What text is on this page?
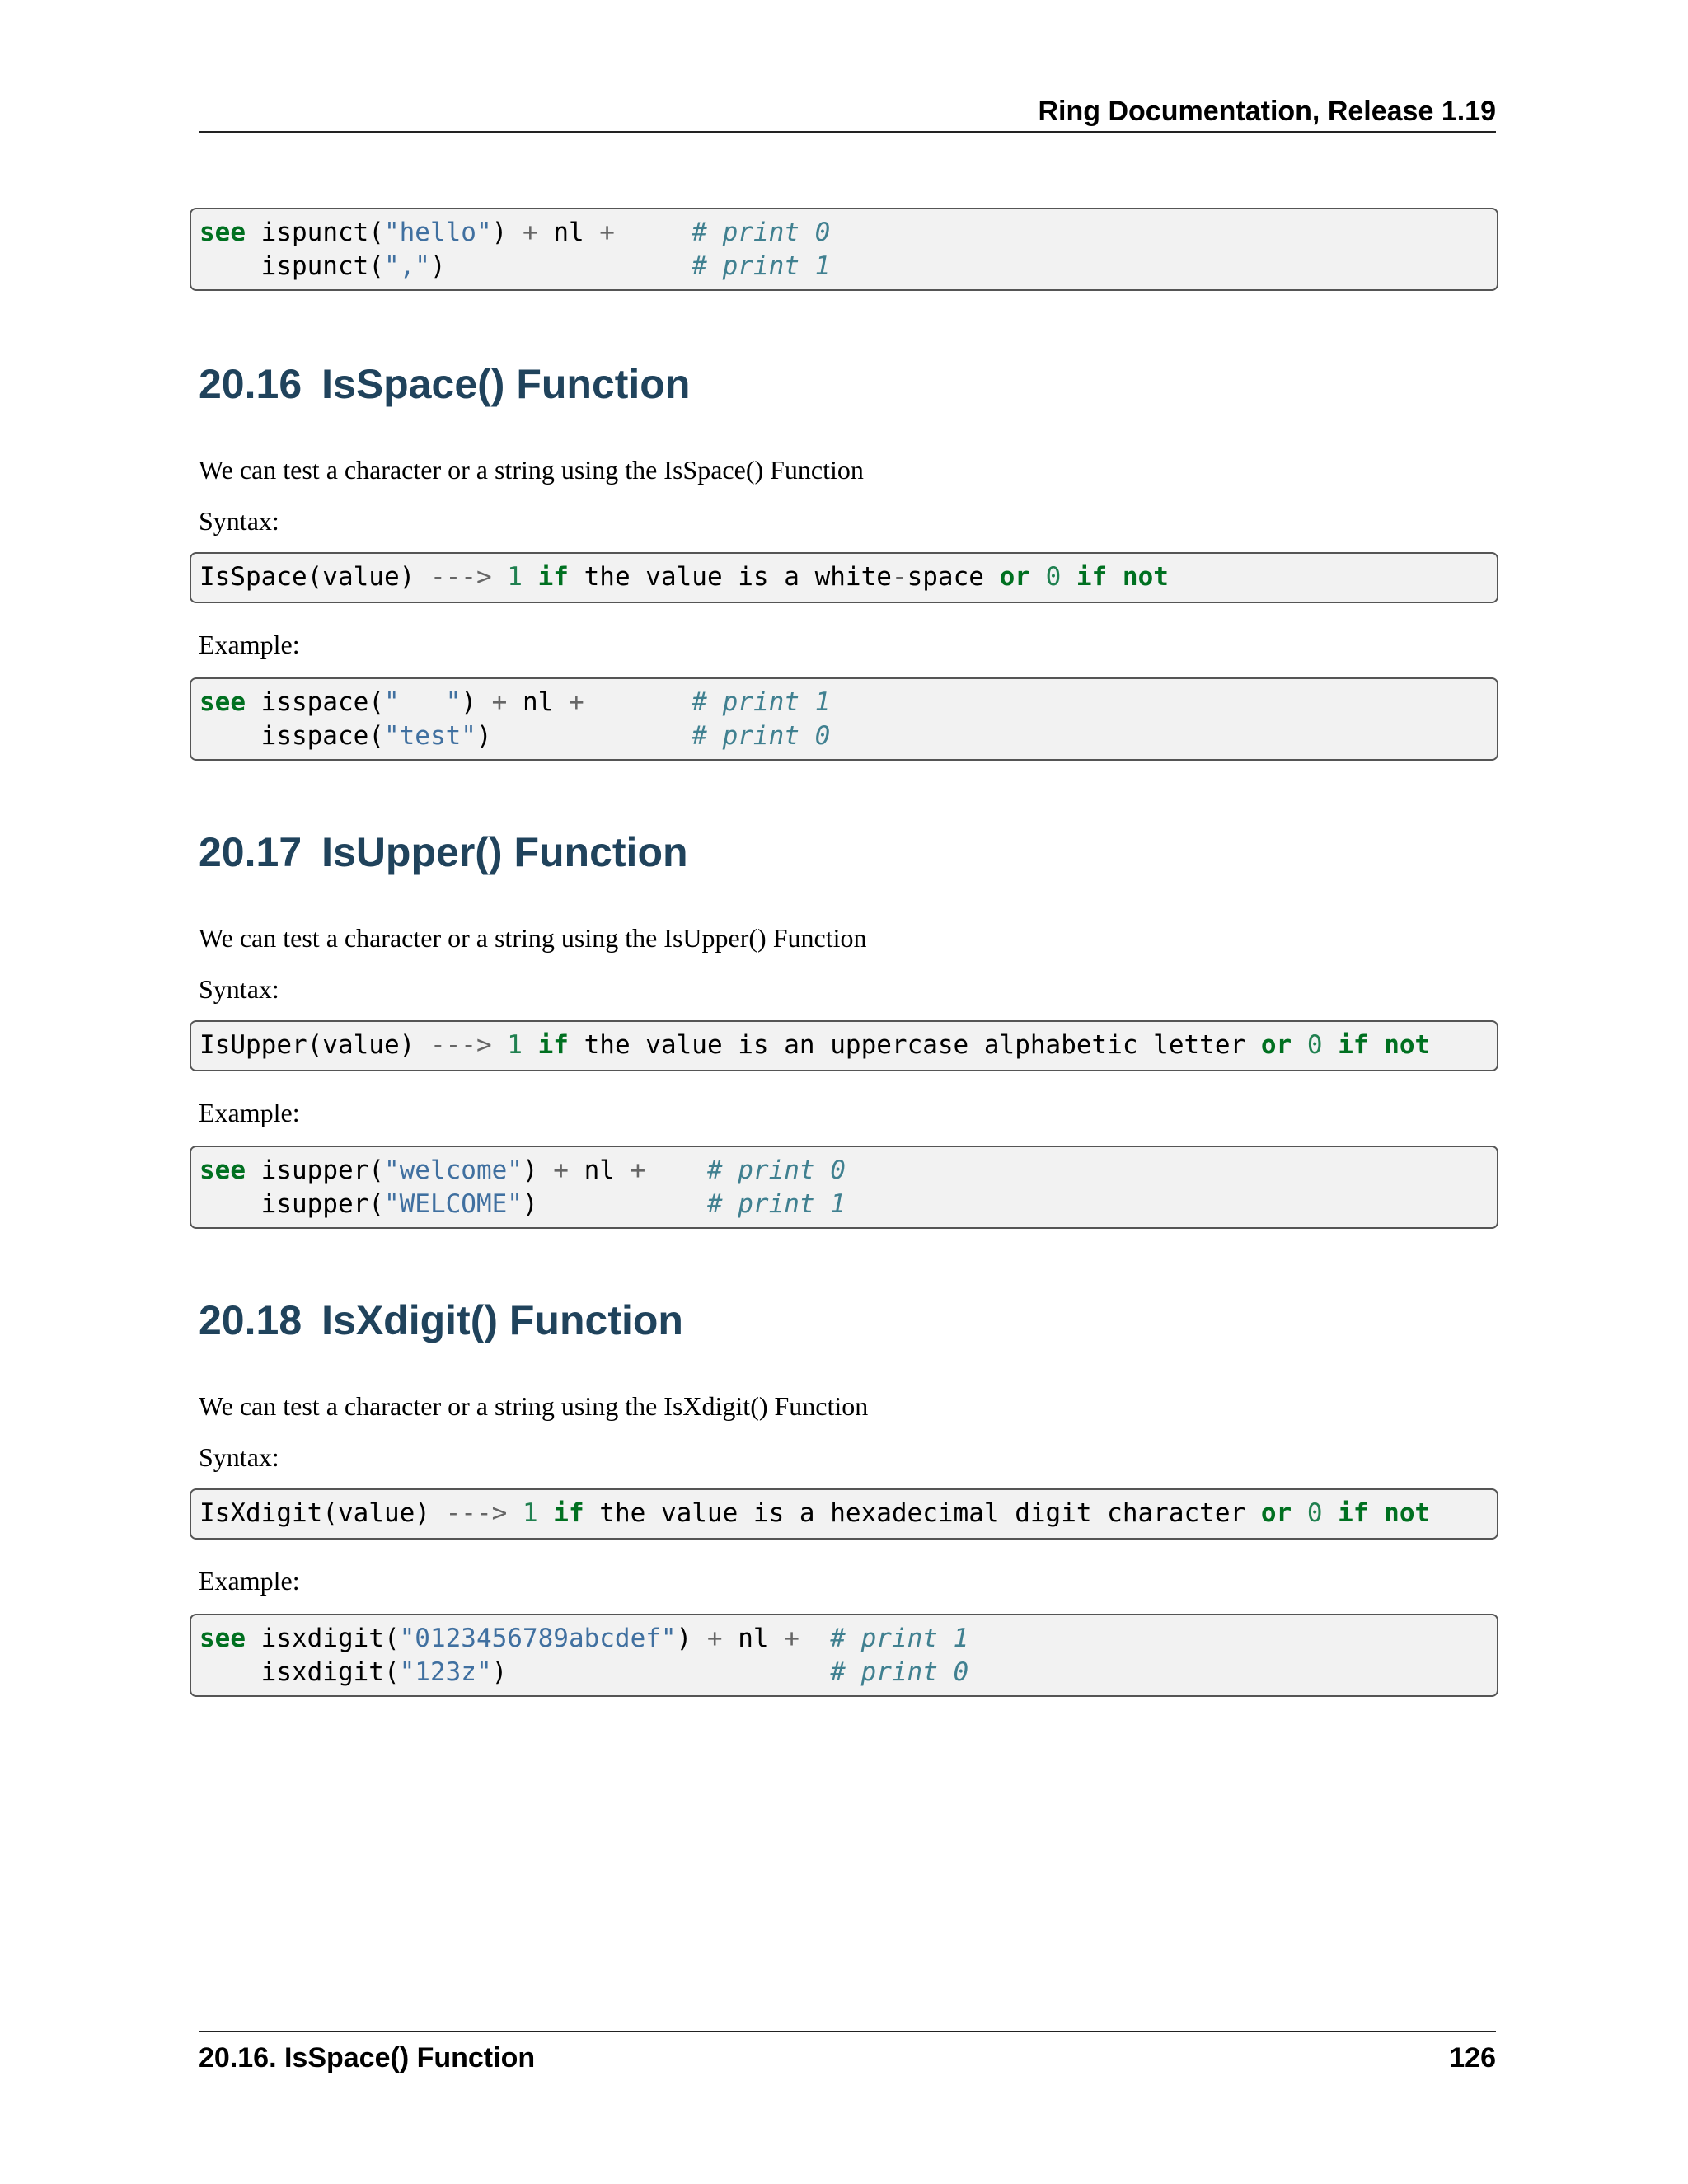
Ring Documentation, Release 1.19
see ispunct("hello") + nl +	# print 0
ispunct(",")	# print 1
20.16 IsSpace() Function

We can test a character or a string using the IsSpace() Function

Syntax:

IsSpace(value) ---> 1 if the value is a white-space or 0 if not

Example:

see isspace("   ") + nl +	# print 1
isspace("test")	# print 0
20.17 IsUpper() Function

We can test a character or a string using the IsUpper() Function

Syntax:

IsUpper(value) ---> 1 if the value is an uppercase alphabetic letter or 0 if not

Example:

see isupper("welcome") + nl + # print 0
isupper("WELCOME")	# print 1
20.18 IsXdigit() Function

We can test a character or a string using the IsXdigit() Function

Syntax:

IsXdigit(value) ---> 1 if the value is a hexadecimal digit character or 0 if not

Example:

see isxdigit("0123456789abcdef") + nl + # print 1
isxdigit("123z")	# print 0
20.16. IsSpace() Function	126
